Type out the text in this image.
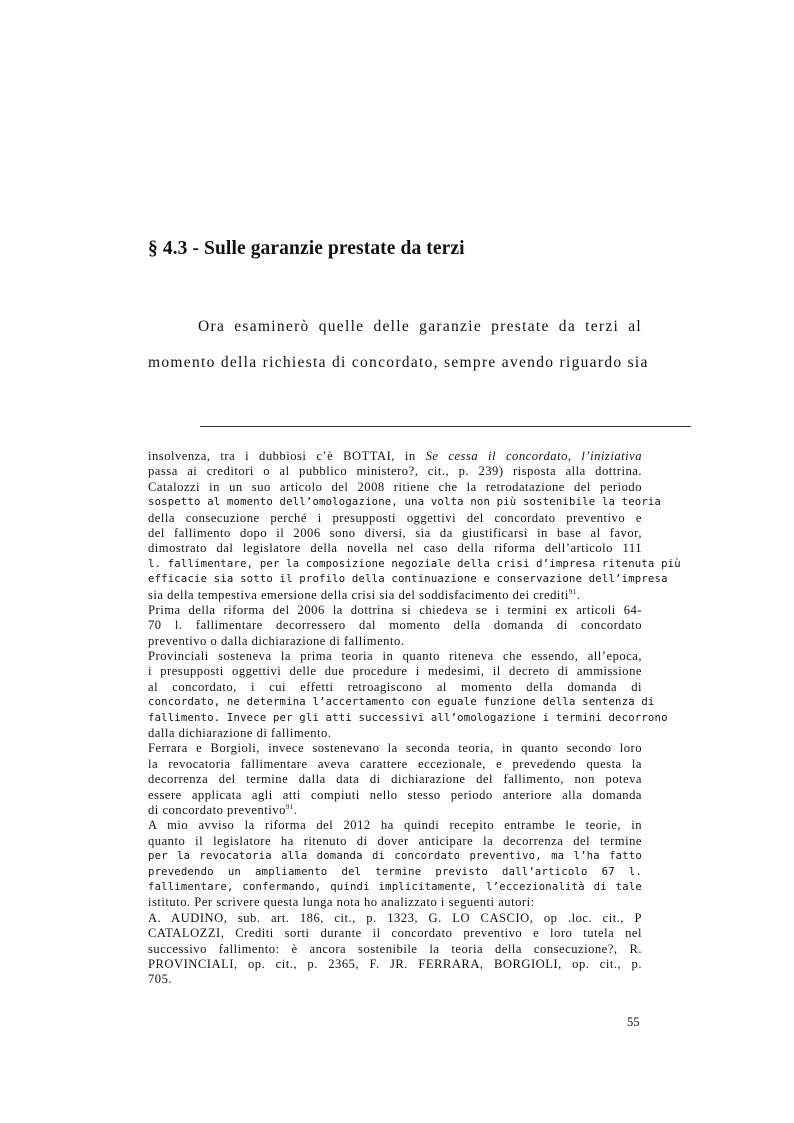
§ 4.3 - Sulle garanzie prestate da terzi
Ora esaminerò quelle delle garanzie prestate da terzi al
momento della richiesta di concordato, sempre avendo riguardo sia
insolvenza, tra i dubbiosi c’è BOTTAI, in Se cessa il concordato, l’iniziativa
passa ai creditori o al pubblico ministero?, cit., p. 239) risposta alla dottrina.
Catalozzi in un suo articolo del 2008 ritiene che la retrodatazione del periodo
sospetto al momento dell’omologazione, una volta non più sostenibile la teoria
della consecuzione perché i presupposti oggettivi del concordato preventivo e
del fallimento dopo il 2006 sono diversi, sia da giustificarsi in base al favor,
dimostrato dal legislatore della novella nel caso della riforma dell’articolo 111
l. fallimentare, per la composizione negoziale della crisi d’impresa ritenuta più
efficacie sia sotto il profilo della continuazione e conservazione dell’impresa
sia della tempestiva emersione della crisi sia del soddisfacimento dei crediti$^{91}$.
Prima della riforma del 2006 la dottrina si chiedeva se i termini ex articoli 64-
70 l. fallimentare decorressero dal momento della domanda di concordato
preventivo o dalla dichiarazione di fallimento.
Provinciali sosteneva la prima teoria in quanto riteneva che essendo, all’epoca,
i presupposti oggettivi delle due procedure i medesimi, il decreto di ammissione
al concordato, i cui effetti retroagiscono al momento della domanda di
concordato, ne determina l’accertamento con eguale funzione della sentenza di
fallimento. Invece per gli atti successivi all’omologazione i termini decorrono
dalla dichiarazione di fallimento.
Ferrara e Borgioli, invece sostenevano la seconda teoria, in quanto secondo loro
la revocatoria fallimentare aveva carattere eccezionale, e prevedendo questa la
decorrenza del termine dalla data di dichiarazione del fallimento, non poteva
essere applicata agli atti compiuti nello stesso periodo anteriore alla domanda
di concordato preventivo$^{91}$.
A mio avviso la riforma del 2012 ha quindi recepito entrambe le teorie, in
quanto il legislatore ha ritenuto di dover anticipare la decorrenza del termine
per la revocatoria alla domanda di concordato preventivo, ma l’ha fatto
prevedendo un ampliamento del termine previsto dall’articolo 67 l.
fallimentare, confermando, quindi implicitamente, l’eccezionalità di tale
istituto. Per scrivere questa lunga nota ho analizzato i seguenti autori:
A. AUDINO, sub. art. 186, cit., p. 1323, G. LO CASCIO, op .loc. cit., P
CATALOZZI, Crediti sorti durante il concordato preventivo e loro tutela nel
successivo fallimento: è ancora sostenibile la teoria della consecuzione?, R.
PROVINCIALI, op. cit., p. 2365, F. JR. FERRARA, BORGIOLI, op. cit., p.
705.
55
